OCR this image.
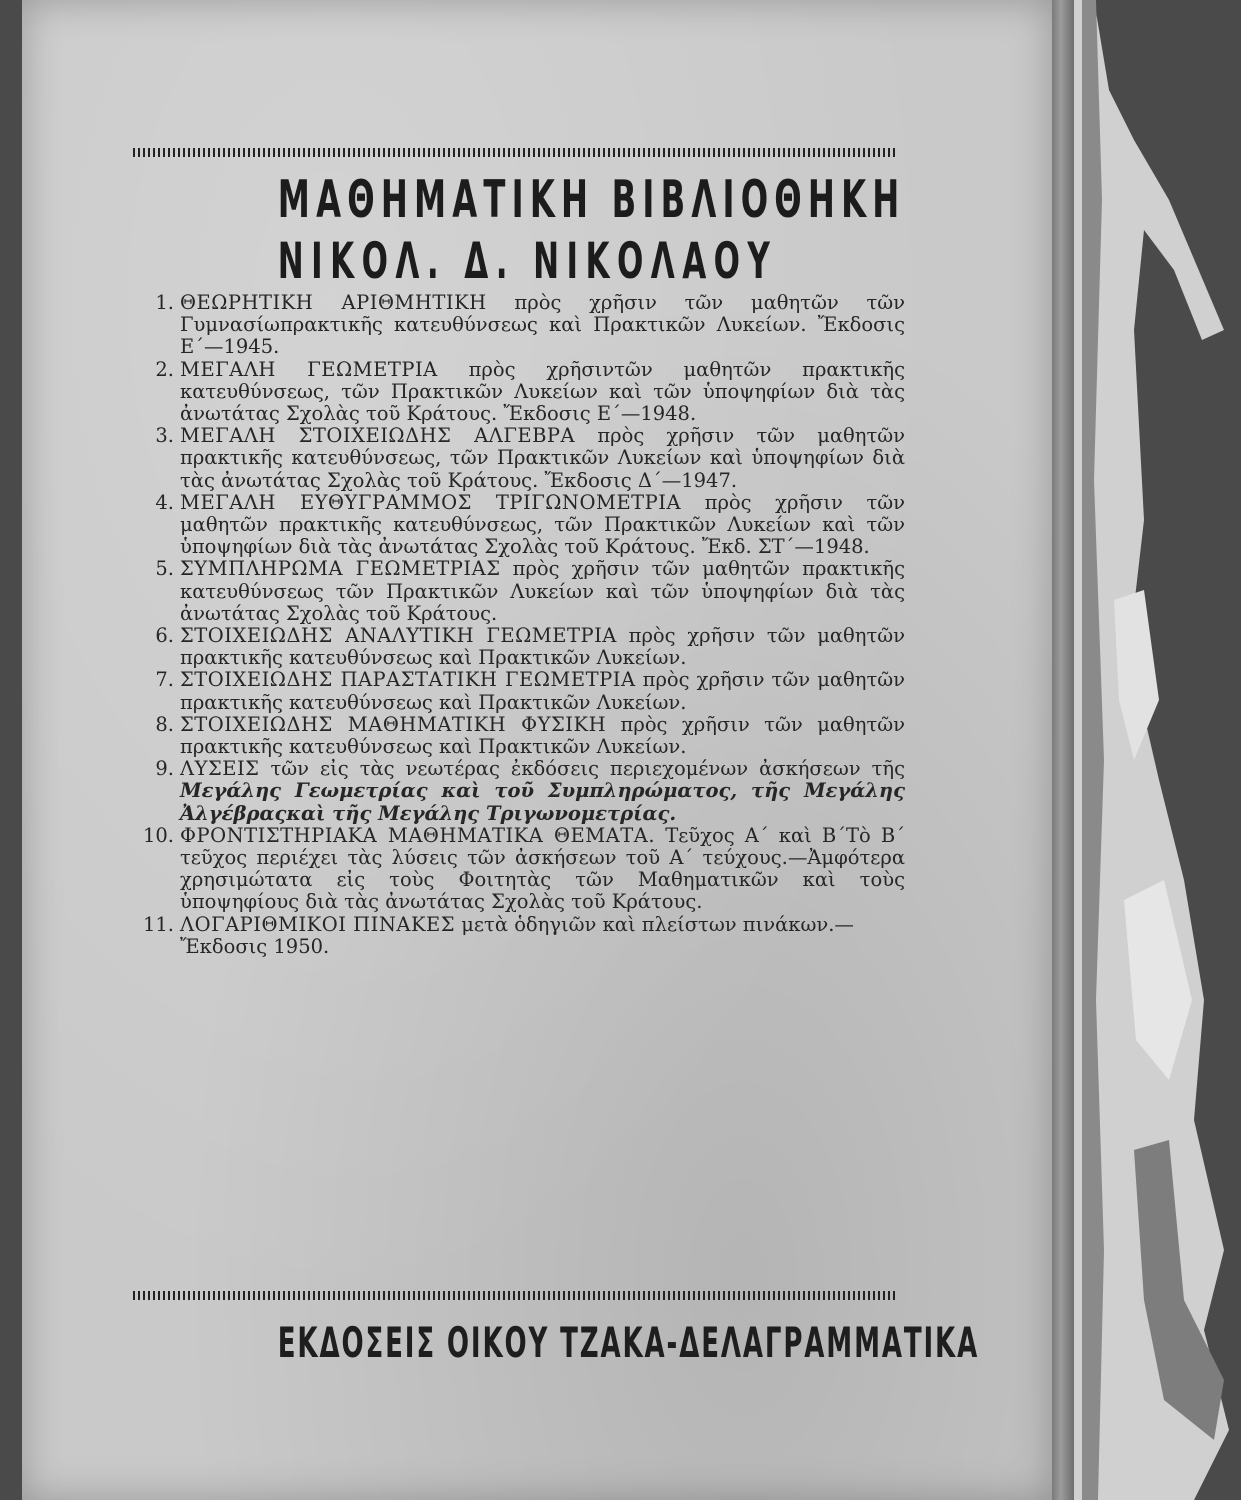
ΜΑΘΗΜΑΤΙΚΗ ΒΙΒΛΙΟΘΗΚΗ
ΝΙΚΟΛ. Δ. ΝΙΚΟΛΑΟΥ

1. ΘΕΩΡΗΤΙΚΗ ΑΡΙΘΜΗΤΙΚΗ πρὸς χρῆσιν τῶν μαθητῶν τῶν Γυμνασίωπρακτικῆς κατευθύνσεως καὶ Πρακτικῶν Λυκείων. Ἔκδοσις Ε΄—1945.

2. ΜΕΓΑΛΗ ΓΕΩΜΕΤΡΙΑ πρὸς χρῆσιντῶν μαθητῶν πρακτικῆς κατευθύνσεως, τῶν Πρακτικῶν Λυκείων καὶ τῶν ὑποψηφίων διὰ τὰς ἀνωτάτας Σχολὰς τοῦ Κράτους. Ἔκδοσις Ε΄—1948.

3. ΜΕΓΑΛΗ ΣΤΟΙΧΕΙΩΔΗΣ ΑΛΓΕΒΡΑ πρὸς χρῆσιν τῶν μαθητῶν πρακτικῆς κατευθύνσεως, τῶν Πρακτικῶν Λυκείων καὶ ὑποψηφίων διὰ τὰς ἀνωτάτας Σχολὰς τοῦ Κράτους. Ἔκδοσις Δ΄—1947.

4. ΜΕΓΑΛΗ ΕΥΘΥΓΡΑΜΜΟΣ ΤΡΙΓΩΝΟΜΕΤΡΙΑ πρὸς χρῆσιν τῶν μαθητῶν πρακτικῆς κατευθύνσεως, τῶν Πρακτικῶν Λυκείων καὶ τῶν ὑποψηφίων διὰ τὰς ἀνωτάτας Σχολὰς τοῦ Κράτους. Ἔκδ. ΣΤ΄—1948.

5. ΣΥΜΠΛΗΡΩΜΑ ΓΕΩΜΕΤΡΙΑΣ πρὸς χρῆσιν τῶν μαθητῶν πρακτικῆς κατευθύνσεως τῶν Πρακτικῶν Λυκείων καὶ τῶν ὑποψηφίων διὰ τὰς ἀνωτάτας Σχολὰς τοῦ Κράτους.

6. ΣΤΟΙΧΕΙΩΔΗΣ ΑΝΑΛΥΤΙΚΗ ΓΕΩΜΕΤΡΙΑ πρὸς χρῆσιν τῶν μαθητῶν πρακτικῆς κατευθύνσεως καὶ Πρακτικῶν Λυκείων.

7. ΣΤΟΙΧΕΙΩΔΗΣ ΠΑΡΑΣΤΑΤΙΚΗ ΓΕΩΜΕΤΡΙΑ πρὸς χρῆσιν τῶν μαθητῶν πρακτικῆς κατευθύνσεως καὶ Πρακτικῶν Λυκείων.

8. ΣΤΟΙΧΕΙΩΔΗΣ ΜΑΘΗΜΑΤΙΚΗ ΦΥΣΙΚΗ πρὸς χρῆσιν τῶν μαθητῶν πρακτικῆς κατευθύνσεως καὶ Πρακτικῶν Λυκείων.

9. ΛΥΣΕΙΣ τῶν εἰς τὰς νεωτέρας ἐκδόσεις περιεχομένων ἀσκήσεων τῆς Μεγάλης Γεωμετρίας καὶ τοῦ Συμπληρώματος, τῆς Μεγάλης Ἀλγέβραςκαὶ τῆς Μεγάλης Τριγωνομετρίας.

10. ΦΡΟΝΤΙΣΤΗΡΙΑΚΑ ΜΑΘΗΜΑΤΙΚΑ ΘΕΜΑΤΑ. Τεῦχος Α΄ καὶ Β΄Τὸ Β΄ τεῦχος περιέχει τὰς λύσεις τῶν ἀσκήσεων τοῦ Α΄ τεύχους.—Ἀμφότερα χρησιμώτατα εἰς τοὺς Φοιτητὰς τῶν Μαθηματικῶν καὶ τοὺς ὑποψηφίους διὰ τὰς ἀνωτάτας Σχολὰς τοῦ Κράτους.

11. ΛΟΓΑΡΙΘΜΙΚΟΙ ΠΙΝΑΚΕΣ μετὰ ὁδηγιῶν καὶ πλείστων πινάκων.—
Ἔκδοσις 1950.

ΕΚΔΟΣΕΙΣ ΟΙΚΟΥ ΤΖΑΚΑ-ΔΕΛΑΓΡΑΜΜΑΤΙΚΑ
